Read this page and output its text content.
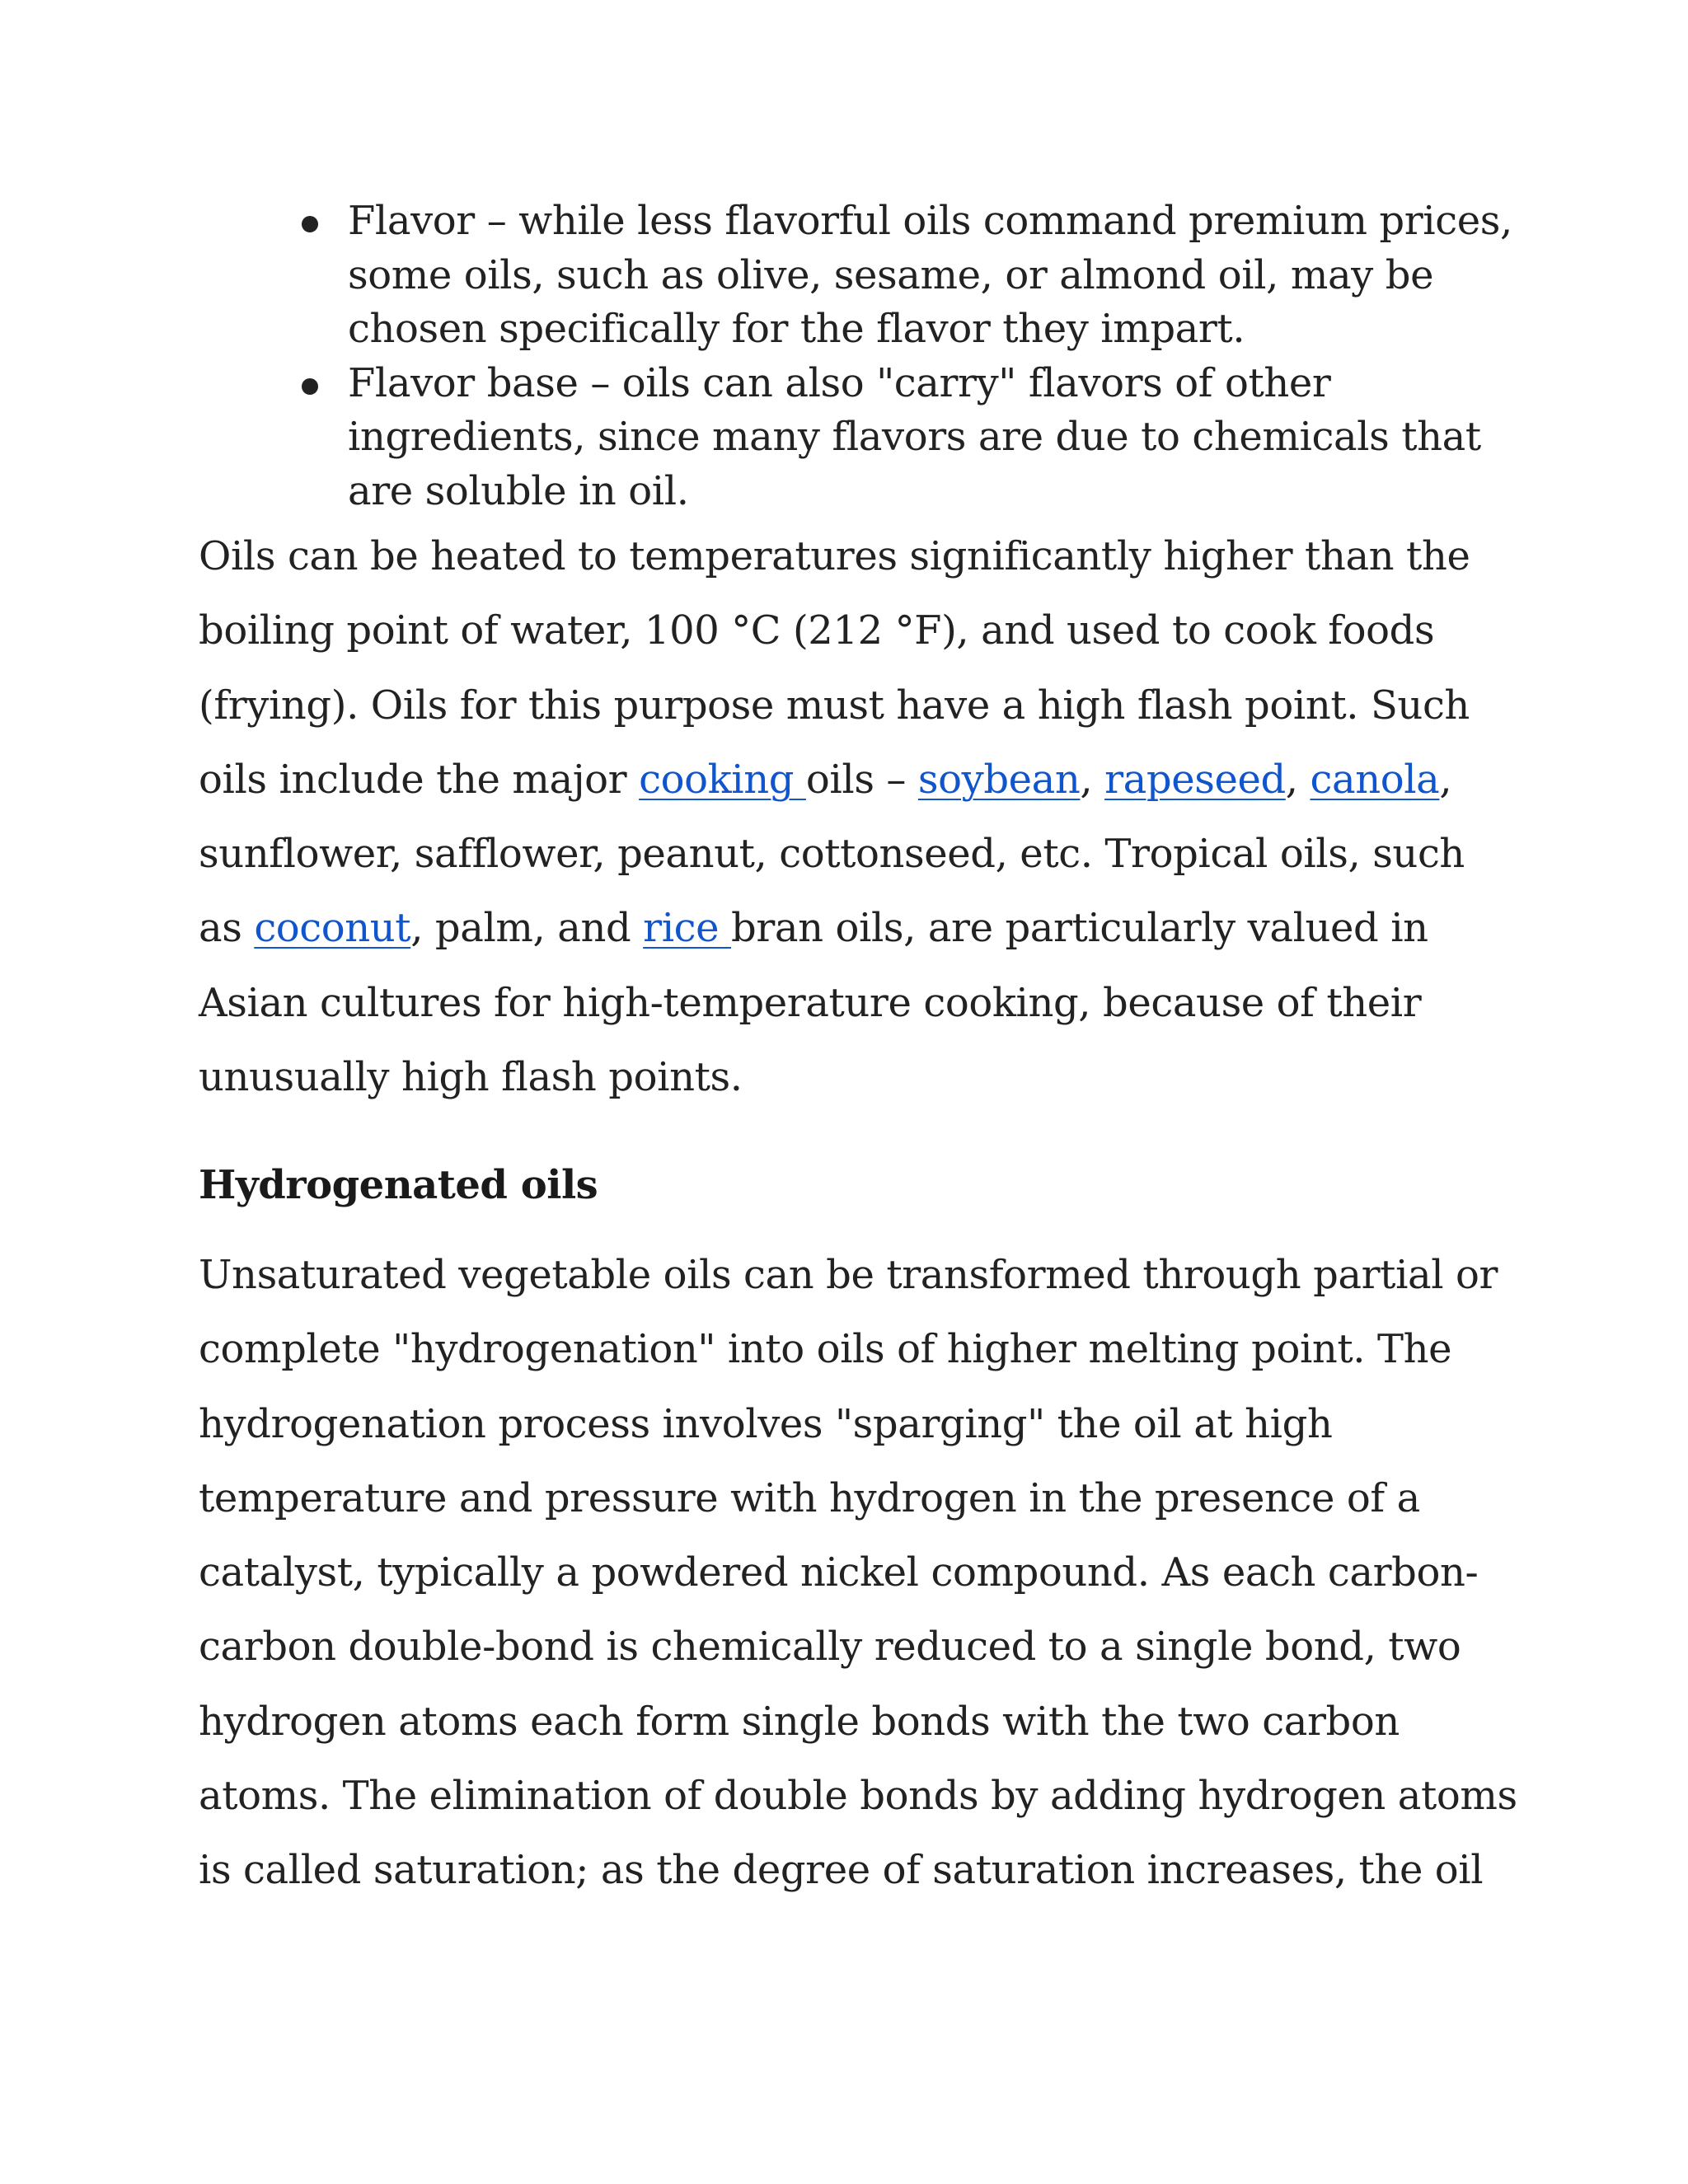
Flavor – while less flavorful oils command premium prices, some oils, such as olive, sesame, or almond oil, may be chosen specifically for the flavor they impart.
Flavor base – oils can also "carry" flavors of other ingredients, since many flavors are due to chemicals that are soluble in oil.

Oils can be heated to temperatures significantly higher than the boiling point of water, 100 °C (212 °F), and used to cook foods (frying). Oils for this purpose must have a high flash point. Such oils include the major cooking oils – soybean, rapeseed, canola, sunflower, safflower, peanut, cottonseed, etc. Tropical oils, such as coconut, palm, and rice bran oils, are particularly valued in Asian cultures for high-temperature cooking, because of their unusually high flash points.

Hydrogenated oils

Unsaturated vegetable oils can be transformed through partial or complete "hydrogenation" into oils of higher melting point. The hydrogenation process involves "sparging" the oil at high temperature and pressure with hydrogen in the presence of a catalyst, typically a powdered nickel compound. As each carbon-carbon double-bond is chemically reduced to a single bond, two hydrogen atoms each form single bonds with the two carbon atoms. The elimination of double bonds by adding hydrogen atoms is called saturation; as the degree of saturation increases, the oil
